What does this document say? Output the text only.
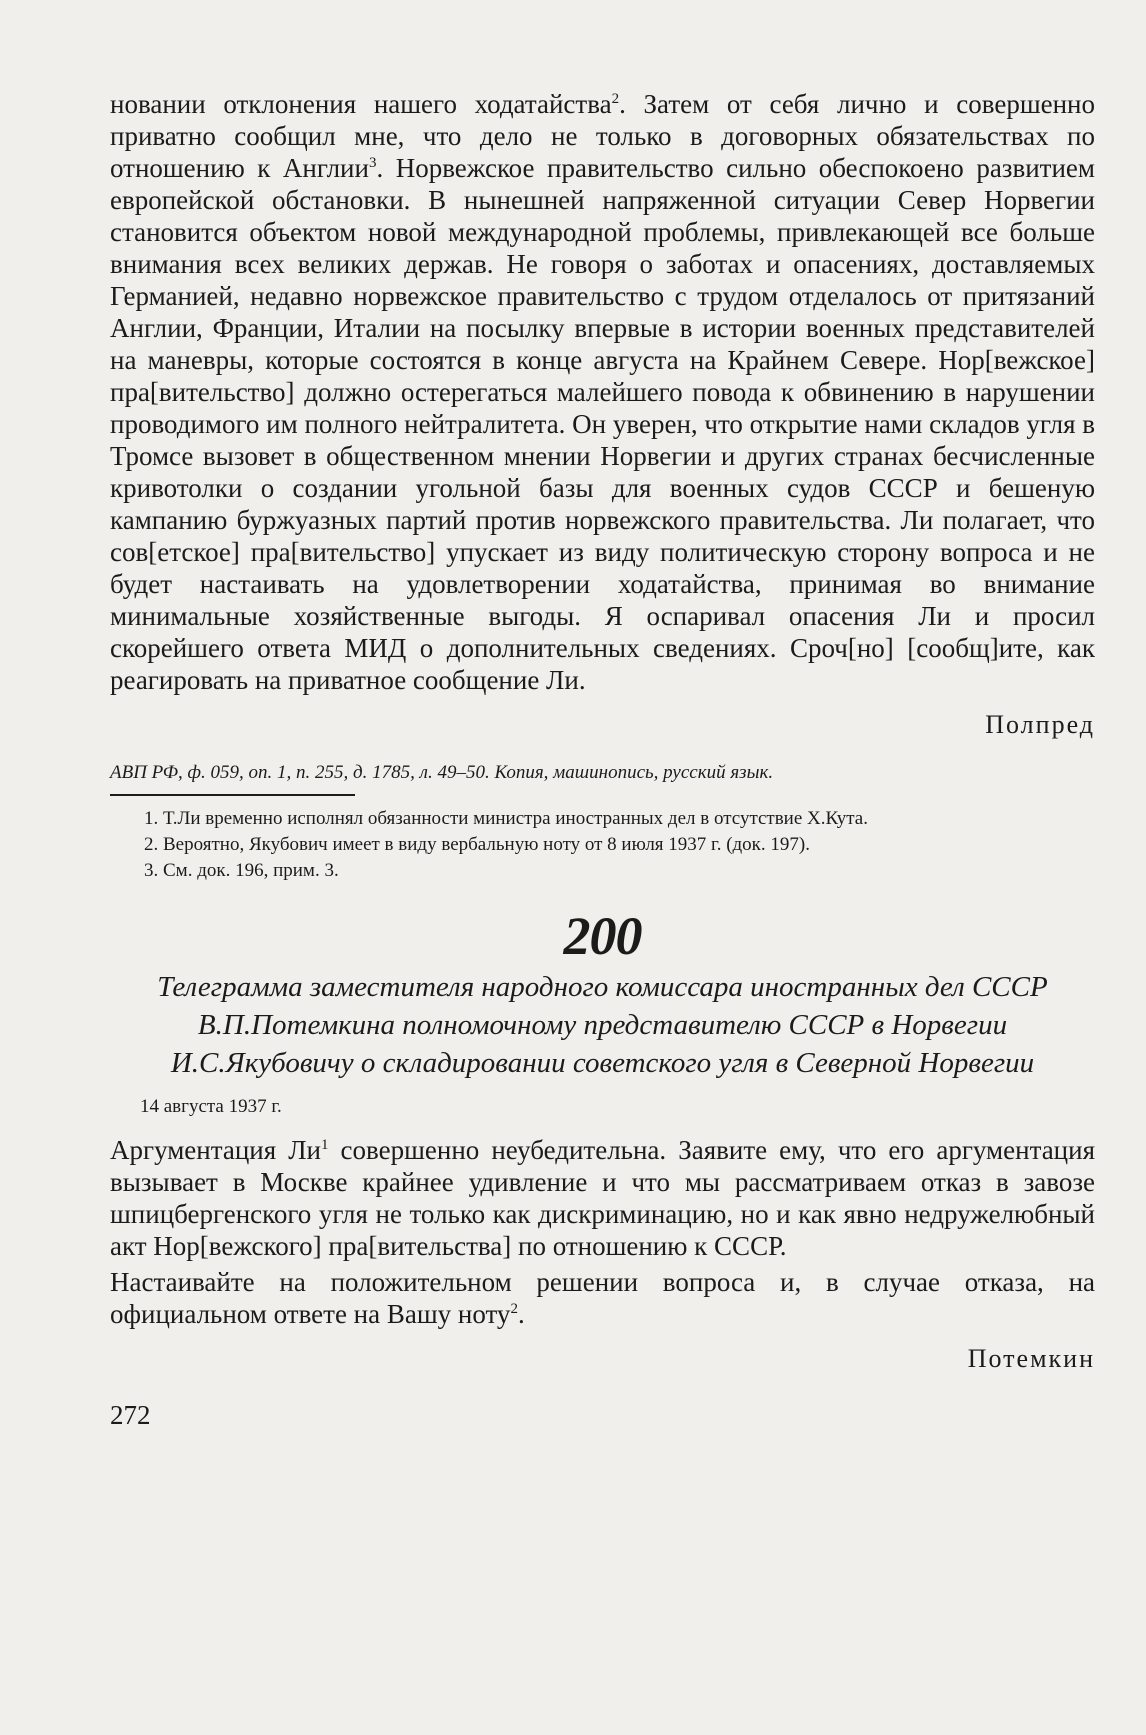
новании отклонения нашего ходатайства$^2$. Затем от себя лично и совершенно приватно сообщил мне, что дело не только в договорных обязательствах по отношению к Англии$^3$. Норвежское правительство сильно обеспокоено развитием европейской обстановки. В нынешней напряженной ситуации Север Норвегии становится объектом новой международной проблемы, привлекающей все больше внимания всех великих держав. Не говоря о заботах и опасениях, доставляемых Германией, недавно норвежское правительство с трудом отделалось от притязаний Англии, Франции, Италии на посылку впервые в истории военных представителей на маневры, которые состоятся в конце августа на Крайнем Севере. Нор[вежское] пра[вительство] должно остерегаться малейшего повода к обвинению в нарушении проводимого им полного нейтралитета. Он уверен, что открытие нами складов угля в Тромсе вызовет в общественном мнении Норвегии и других странах бесчисленные кривотолки о создании угольной базы для военных судов СССР и бешеную кампанию буржуазных партий против норвежского правительства. Ли полагает, что сов[етское] пра[вительство] упускает из виду политическую сторону вопроса и не будет настаивать на удовлетворении ходатайства, принимая во внимание минимальные хозяйственные выгоды. Я оспаривал опасения Ли и просил скорейшего ответа МИД о дополнительных сведениях. Сроч[но] [сообщ]ите, как реагировать на приватное сообщение Ли.

Полпред
АВП РФ, ф. 059, оп. 1, п. 255, д. 1785, л. 49–50. Копия, машинопись, русский язык.
1. Т.Ли временно исполнял обязанности министра иностранных дел в отсутствие Х.Кута.
2. Вероятно, Якубович имеет в виду вербальную ноту от 8 июля 1937 г. (док. 197).
3. См. док. 196, прим. 3.
200
Телеграмма заместителя народного комиссара иностранных дел СССР В.П.Потемкина полномочному представителю СССР в Норвегии И.С.Якубовичу о складировании советского угля в Северной Норвегии
14 августа 1937 г.

Аргументация $Ли^1$ совершенно неубедительна. Заявите ему, что его аргументация вызывает в Москве крайнее удивление и что мы рассматриваем отказ в завозе шпицбергенского угля не только как дискриминацию, но и как явно недружелюбный акт Нор[вежского] пра[вительства] по отношению к СССР.

Настаивайте на положительном решении вопроса и, в случае отказа, на официальном ответе на Вашу ноту$^2$.

Потемкин
272
